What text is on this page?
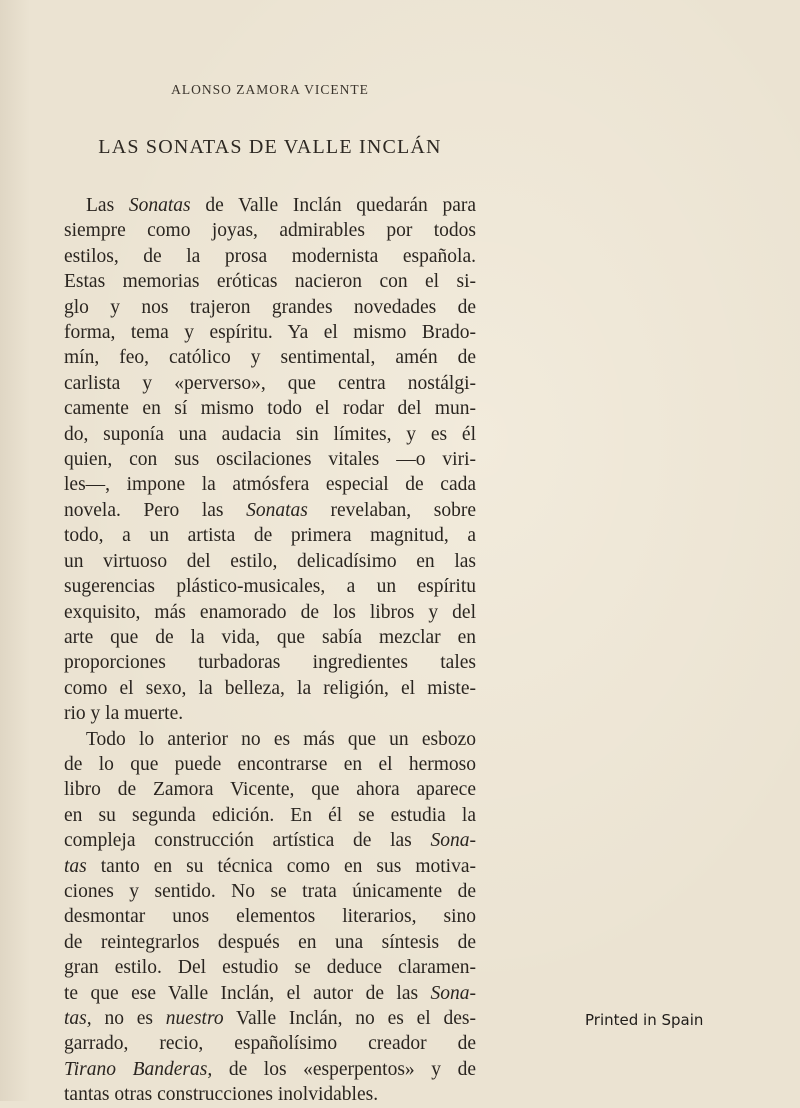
ALONSO ZAMORA VICENTE
LAS SONATAS DE VALLE INCLÁN

Las Sonatas de Valle Inclán quedarán para
siempre como joyas, admirables por todos
estilos, de la prosa modernista española.
Estas memorias eróticas nacieron con el si-
glo y nos trajeron grandes novedades de
forma, tema y espíritu. Ya el mismo Brado-
mín, feo, católico y sentimental, amén de
carlista y «perverso», que centra nostálgi-
camente en sí mismo todo el rodar del mun-
do, suponía una audacia sin límites, y es él
quien, con sus oscilaciones vitales —o viri-
les—, impone la atmósfera especial de cada
novela. Pero las Sonatas revelaban, sobre
todo, a un artista de primera magnitud, a
un virtuoso del estilo, delicadísimo en las
sugerencias plástico-musicales, a un espíritu
exquisito, más enamorado de los libros y del
arte que de la vida, que sabía mezclar en
proporciones turbadoras ingredientes tales
como el sexo, la belleza, la religión, el miste-
rio y la muerte.

Todo lo anterior no es más que un esbozo
de lo que puede encontrarse en el hermoso
libro de Zamora Vicente, que ahora aparece
en su segunda edición. En él se estudia la
compleja construcción artística de las Sona-
tas tanto en su técnica como en sus motiva-
ciones y sentido. No se trata únicamente de
desmontar unos elementos literarios, sino
de reintegrarlos después en una síntesis de
gran estilo. Del estudio se deduce claramen-
te que ese Valle Inclán, el autor de las Sona-
tas, no es nuestro Valle Inclán, no es el des-
garrado, recio, españolísimo creador de
Tirano Banderas, de los «esperpentos» y de
tantas otras construcciones inolvidables.

Printed in Spain
